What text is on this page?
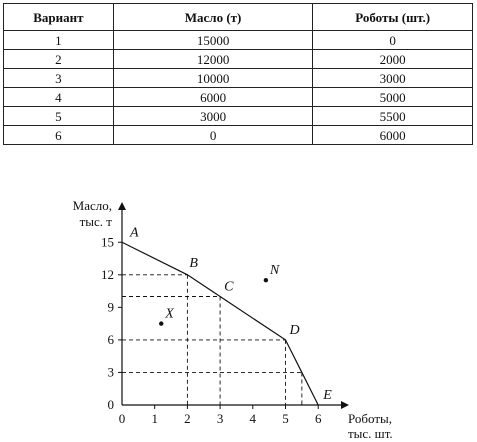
Вариант	Масло (т)	Роботы (шт.)
1	15000	0
2	12000	2000
3	10000	3000
4	6000	5000
5	3000	5500
6	0	6000
0 1 2 3 4 5 6
0
3
6
9
12
15
A
B
C
D
E
N
X
Масло,
тыс. т
Роботы,
тыс. шт.
